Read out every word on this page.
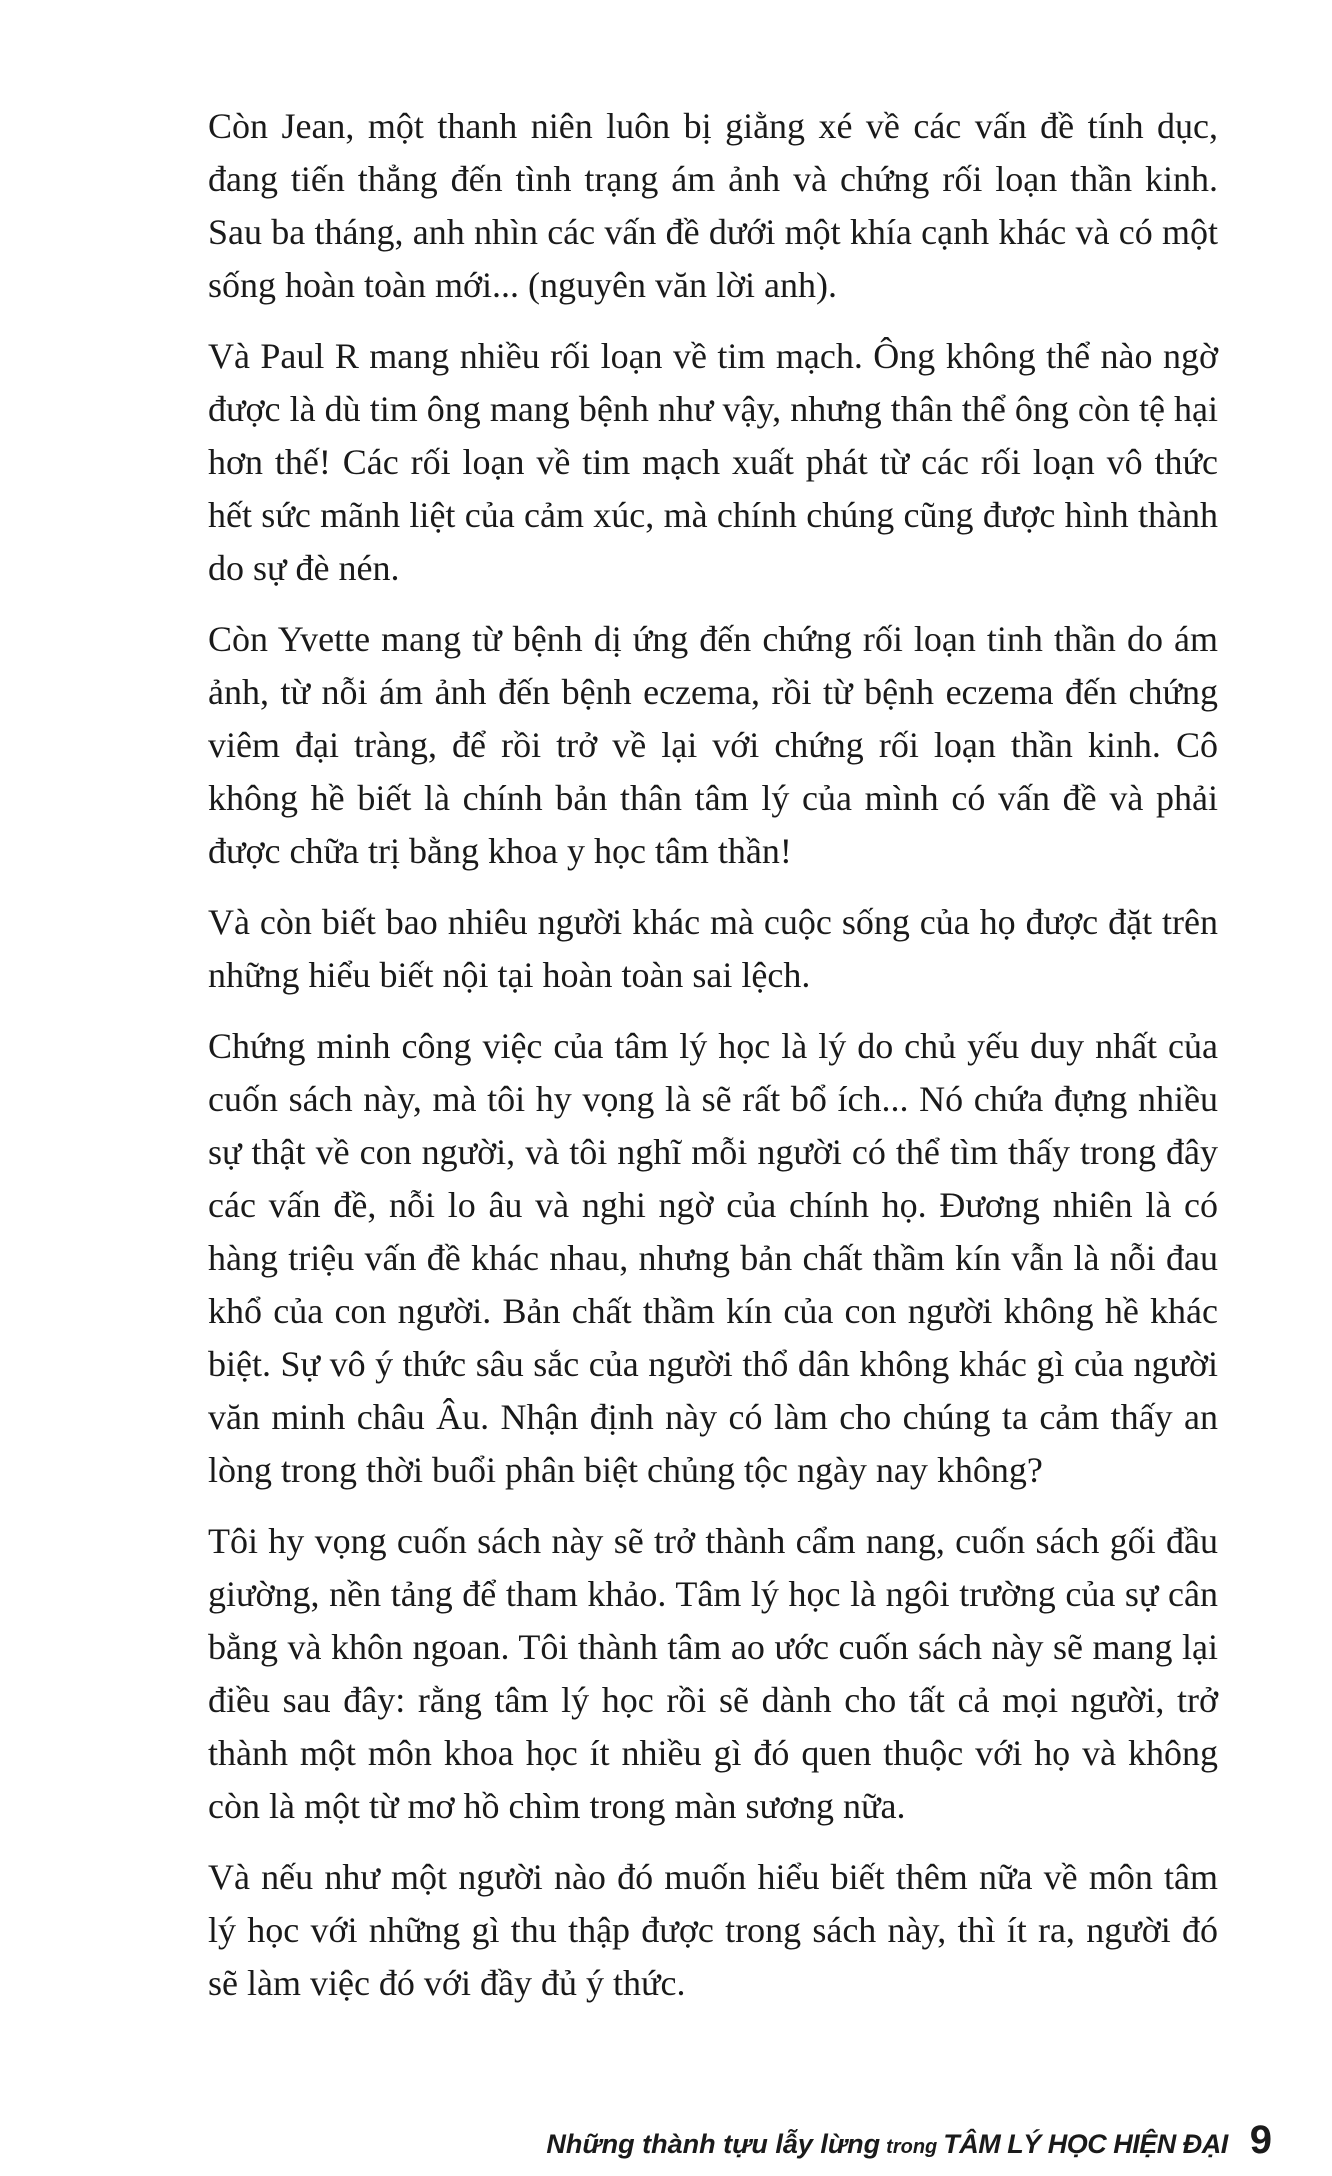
Còn Jean, một thanh niên luôn bị giằng xé về các vấn đề tính dục, đang tiến thẳng đến tình trạng ám ảnh và chứng rối loạn thần kinh. Sau ba tháng, anh nhìn các vấn đề dưới một khía cạnh khác và có một sống hoàn toàn mới... (nguyên văn lời anh).

Và Paul R mang nhiều rối loạn về tim mạch. Ông không thể nào ngờ được là dù tim ông mang bệnh như vậy, nhưng thân thể ông còn tệ hại hơn thế! Các rối loạn về tim mạch xuất phát từ các rối loạn vô thức hết sức mãnh liệt của cảm xúc, mà chính chúng cũng được hình thành do sự đè nén.

Còn Yvette mang từ bệnh dị ứng đến chứng rối loạn tinh thần do ám ảnh, từ nỗi ám ảnh đến bệnh eczema, rồi từ bệnh eczema đến chứng viêm đại tràng, để rồi trở về lại với chứng rối loạn thần kinh. Cô không hề biết là chính bản thân tâm lý của mình có vấn đề và phải được chữa trị bằng khoa y học tâm thần!

Và còn biết bao nhiêu người khác mà cuộc sống của họ được đặt trên những hiểu biết nội tại hoàn toàn sai lệch.

Chứng minh công việc của tâm lý học là lý do chủ yếu duy nhất của cuốn sách này, mà tôi hy vọng là sẽ rất bổ ích... Nó chứa đựng nhiều sự thật về con người, và tôi nghĩ mỗi người có thể tìm thấy trong đây các vấn đề, nỗi lo âu và nghi ngờ của chính họ. Đương nhiên là có hàng triệu vấn đề khác nhau, nhưng bản chất thầm kín vẫn là nỗi đau khổ của con người. Bản chất thầm kín của con người không hề khác biệt. Sự vô ý thức sâu sắc của người thổ dân không khác gì của người văn minh châu Âu. Nhận định này có làm cho chúng ta cảm thấy an lòng trong thời buổi phân biệt chủng tộc ngày nay không?

Tôi hy vọng cuốn sách này sẽ trở thành cẩm nang, cuốn sách gối đầu giường, nền tảng để tham khảo. Tâm lý học là ngôi trường của sự cân bằng và khôn ngoan. Tôi thành tâm ao ước cuốn sách này sẽ mang lại điều sau đây: rằng tâm lý học rồi sẽ dành cho tất cả mọi người, trở thành một môn khoa học ít nhiều gì đó quen thuộc với họ và không còn là một từ mơ hồ chìm trong màn sương nữa.

Và nếu như một người nào đó muốn hiểu biết thêm nữa về môn tâm lý học với những gì thu thập được trong sách này, thì ít ra, người đó sẽ làm việc đó với đầy đủ ý thức.

Những thành tựu lẫy lừng trong TÂM LÝ HỌC HIỆN ĐẠI 9
